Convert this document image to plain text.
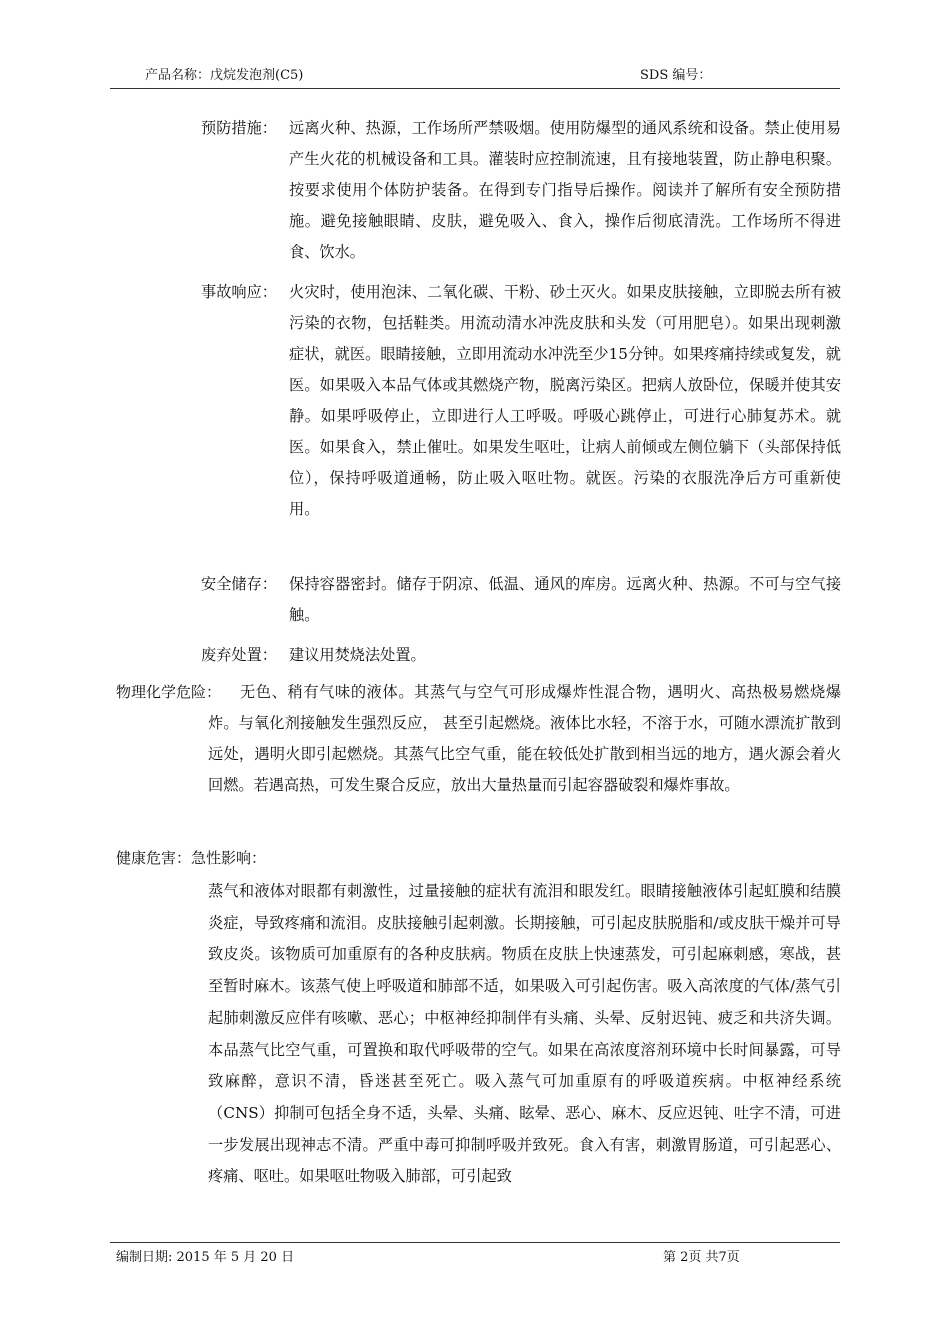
产品名称：戊烷发泡剂(C5)	SDS 编号：
预防措施： 远离火种、热源，工作场所严禁吸烟。使用防爆型的通风系统和设备。禁止使用易产生火花的机械设备和工具。灌装时应控制流速，且有接地装置，防止静电积聚。按要求使用个体防护装备。在得到专门指导后操作。阅读并了解所有安全预防措施。避免接触眼睛、皮肤，避免吸入、食入，操作后彻底清洗。工作场所不得进食、饮水。
事故响应： 火灾时，使用泡沫、二氧化碳、干粉、砂土灭火。如果皮肤接触，立即脱去所有被污染的衣物，包括鞋类。用流动清水冲洗皮肤和头发（可用肥皂）。如果出现刺激症状，就医。眼睛接触，立即用流动水冲洗至少15分钟。如果疼痛持续或复发，就医。如果吸入本品气体或其燃烧产物，脱离污染区。把病人放卧位，保暖并使其安静。如果呼吸停止，立即进行人工呼吸。呼吸心跳停止，可进行心肺复苏术。就医。如果食入，禁止催吐。如果发生呕吐，让病人前倾或左侧位躺下（头部保持低位），保持呼吸道通畅，防止吸入呕吐物。就医。污染的衣服洗净后方可重新使用。
安全储存： 保持容器密封。储存于阴凉、低温、通风的库房。远离火种、热源。不可与空气接触。
废弃处置： 建议用焚烧法处置。
物理化学危险：	无色、稍有气味的液体。其蒸气与空气可形成爆炸性混合物，遇明火、高热极易燃烧爆炸。与氧化剂接触发生强烈反应， 甚至引起燃烧。液体比水轻，不溶于水，可随水漂流扩散到远处，遇明火即引起燃烧。其蒸气比空气重，能在较低处扩散到相当远的地方，遇火源会着火回燃。若遇高热，可发生聚合反应，放出大量热量而引起容器破裂和爆炸事故。
健康危害：急性影响：
蒸气和液体对眼都有刺激性，过量接触的症状有流泪和眼发红。眼睛接触液体引起虹膜和结膜炎症，导致疼痛和流泪。皮肤接触引起刺激。长期接触，可引起皮肤脱脂和/或皮肤干燥并可导致皮炎。该物质可加重原有的各种皮肤病。物质在皮肤上快速蒸发，可引起麻刺感，寒战，甚至暂时麻木。该蒸气使上呼吸道和肺部不适，如果吸入可引起伤害。吸入高浓度的气体/蒸气引起肺刺激反应伴有咳嗽、恶心；中枢神经抑制伴有头痛、头晕、反射迟钝、疲乏和共济失调。本品蒸气比空气重，可置换和取代呼吸带的空气。如果在高浓度溶剂环境中长时间暴露，可导致麻醉，意识不清，昏迷甚至死亡。吸入蒸气可加重原有的呼吸道疾病。中枢神经系统（CNS）抑制可包括全身不适，头晕、头痛、眩晕、恶心、麻木、反应迟钝、吐字不清，可进一步发展出现神志不清。严重中毒可抑制呼吸并致死。食入有害，刺激胃肠道，可引起恶心、疼痛、呕吐。如果呕吐物吸入肺部，可引起致
编制日期: 2015 年 5 月 20 日	第 2页 共7页
